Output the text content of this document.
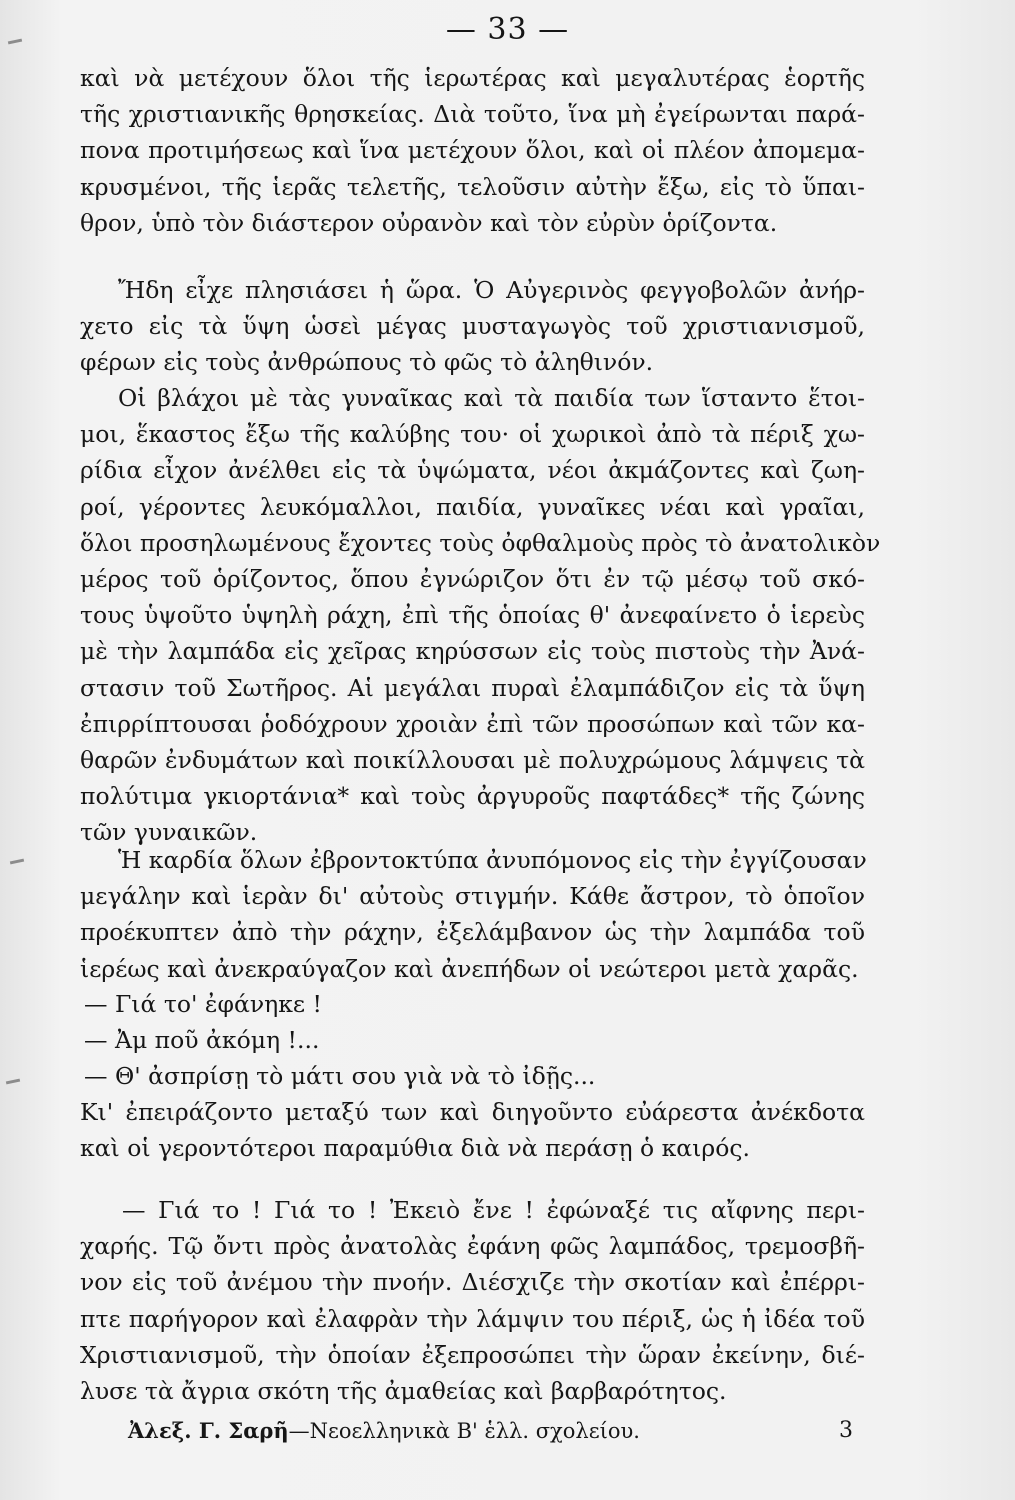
— 33 —
καὶ νὰ μετέχουν ὅλοι τῆς ἱερωτέρας καὶ μεγαλυτέρας ἑορτῆς
τῆς χριστιανικῆς θρησκείας. Διὰ τοῦτο, ἵνα μὴ ἐγείρωνται παρά-
πονα προτιμήσεως καὶ ἵνα μετέχουν ὅλοι, καὶ οἱ πλέον ἀπομεμα-
κρυσμένοι, τῆς ἱερᾶς τελετῆς, τελοῦσιν αὐτὴν ἔξω, εἰς τὸ ὕπαι-
θρον, ὑπὸ τὸν διάστερον οὐρανὸν καὶ τὸν εὐρὺν ὁρίζοντα.
Ἤδη εἶχε πλησιάσει ἡ ὥρα. Ὁ Αὐγερινὸς φεγγοβολῶν ἀνήρ-
χετο εἰς τὰ ὕψη ὡσεὶ μέγας μυσταγωγὸς τοῦ χριστιανισμοῦ,
φέρων εἰς τοὺς ἀνθρώπους τὸ φῶς τὸ ἀληθινόν.
Οἱ βλάχοι μὲ τὰς γυναῖκας καὶ τὰ παιδία των ἵσταντο ἕτοι-
μοι, ἕκαστος ἔξω τῆς καλύβης του· οἱ χωρικοὶ ἀπὸ τὰ πέριξ χω-
ρίδια εἶχον ἀνέλθει εἰς τὰ ὑψώματα, νέοι ἀκμάζοντες καὶ ζωη-
ροί, γέροντες λευκόμαλλοι, παιδία, γυναῖκες νέαι καὶ γραῖαι,
ὅλοι προσηλωμένους ἔχοντες τοὺς ὀφθαλμοὺς πρὸς τὸ ἀνατολικὸν
μέρος τοῦ ὁρίζοντος, ὅπου ἐγνώριζον ὅτι ἐν τῷ μέσῳ τοῦ σκό-
τους ὑψοῦτο ὑψηλὴ ράχη, ἐπὶ τῆς ὁποίας θ' ἀνεφαίνετο ὁ ἱερεὺς
μὲ τὴν λαμπάδα εἰς χεῖρας κηρύσσων εἰς τοὺς πιστοὺς τὴν Ἀνά-
στασιν τοῦ Σωτῆρος. Αἱ μεγάλαι πυραὶ ἐλαμπάδιζον εἰς τὰ ὕψη
ἐπιρρίπτουσαι ῥοδόχρουν χροιὰν ἐπὶ τῶν προσώπων καὶ τῶν κα-
θαρῶν ἐνδυμάτων καὶ ποικίλλουσαι μὲ πολυχρώμους λάμψεις τὰ
πολύτιμα γκιορτάνια* καὶ τοὺς ἀργυροῦς παφτάδες* τῆς ζώνης
τῶν γυναικῶν.
Ἡ καρδία ὅλων ἐβροντοκτύπα ἀνυπόμονος εἰς τὴν ἐγγίζουσαν
μεγάλην καὶ ἱερὰν δι' αὐτοὺς στιγμήν. Κάθε ἄστρον, τὸ ὁποῖον
προέκυπτεν ἀπὸ τὴν ράχην, ἐξελάμβανον ὡς τὴν λαμπάδα τοῦ
ἱερέως καὶ ἀνεκραύγαζον καὶ ἀνεπήδων οἱ νεώτεροι μετὰ χαρᾶς.
— Γιά το' ἐφάνηκε !
— Ἀμ ποῦ ἀκόμη !...
— Θ' ἀσπρίσῃ τὸ μάτι σου γιὰ νὰ τὸ ἰδῇς...
Κι' ἐπειράζοντο μεταξύ των καὶ διηγοῦντο εὐάρεστα ἀνέκδοτα
καὶ οἱ γεροντότεροι παραμύθια διὰ νὰ περάσῃ ὁ καιρός.
— Γιά το ! Γιά το ! Ἐκειὸ ἔνε ! ἐφώναξέ τις αἴφνης περι-
χαρής. Τῷ ὄντι πρὸς ἀνατολὰς ἐφάνη φῶς λαμπάδος, τρεμοσβῆ-
νον εἰς τοῦ ἀνέμου τὴν πνοήν. Διέσχιζε τὴν σκοτίαν καὶ ἐπέρρι-
πτε παρήγορον καὶ ἐλαφρὰν τὴν λάμψιν του πέριξ, ὡς ἡ ἰδέα τοῦ
Χριστιανισμοῦ, τὴν ὁποίαν ἐξεπροσώπει τὴν ὥραν ἐκείνην, διέ-
λυσε τὰ ἄγρια σκότη τῆς ἀμαθείας καὶ βαρβαρότητος.
Ἀλεξ. Γ. Σαρῆ—Νεοελληνικὰ Β' ἑλλ. σχολείου.	3
